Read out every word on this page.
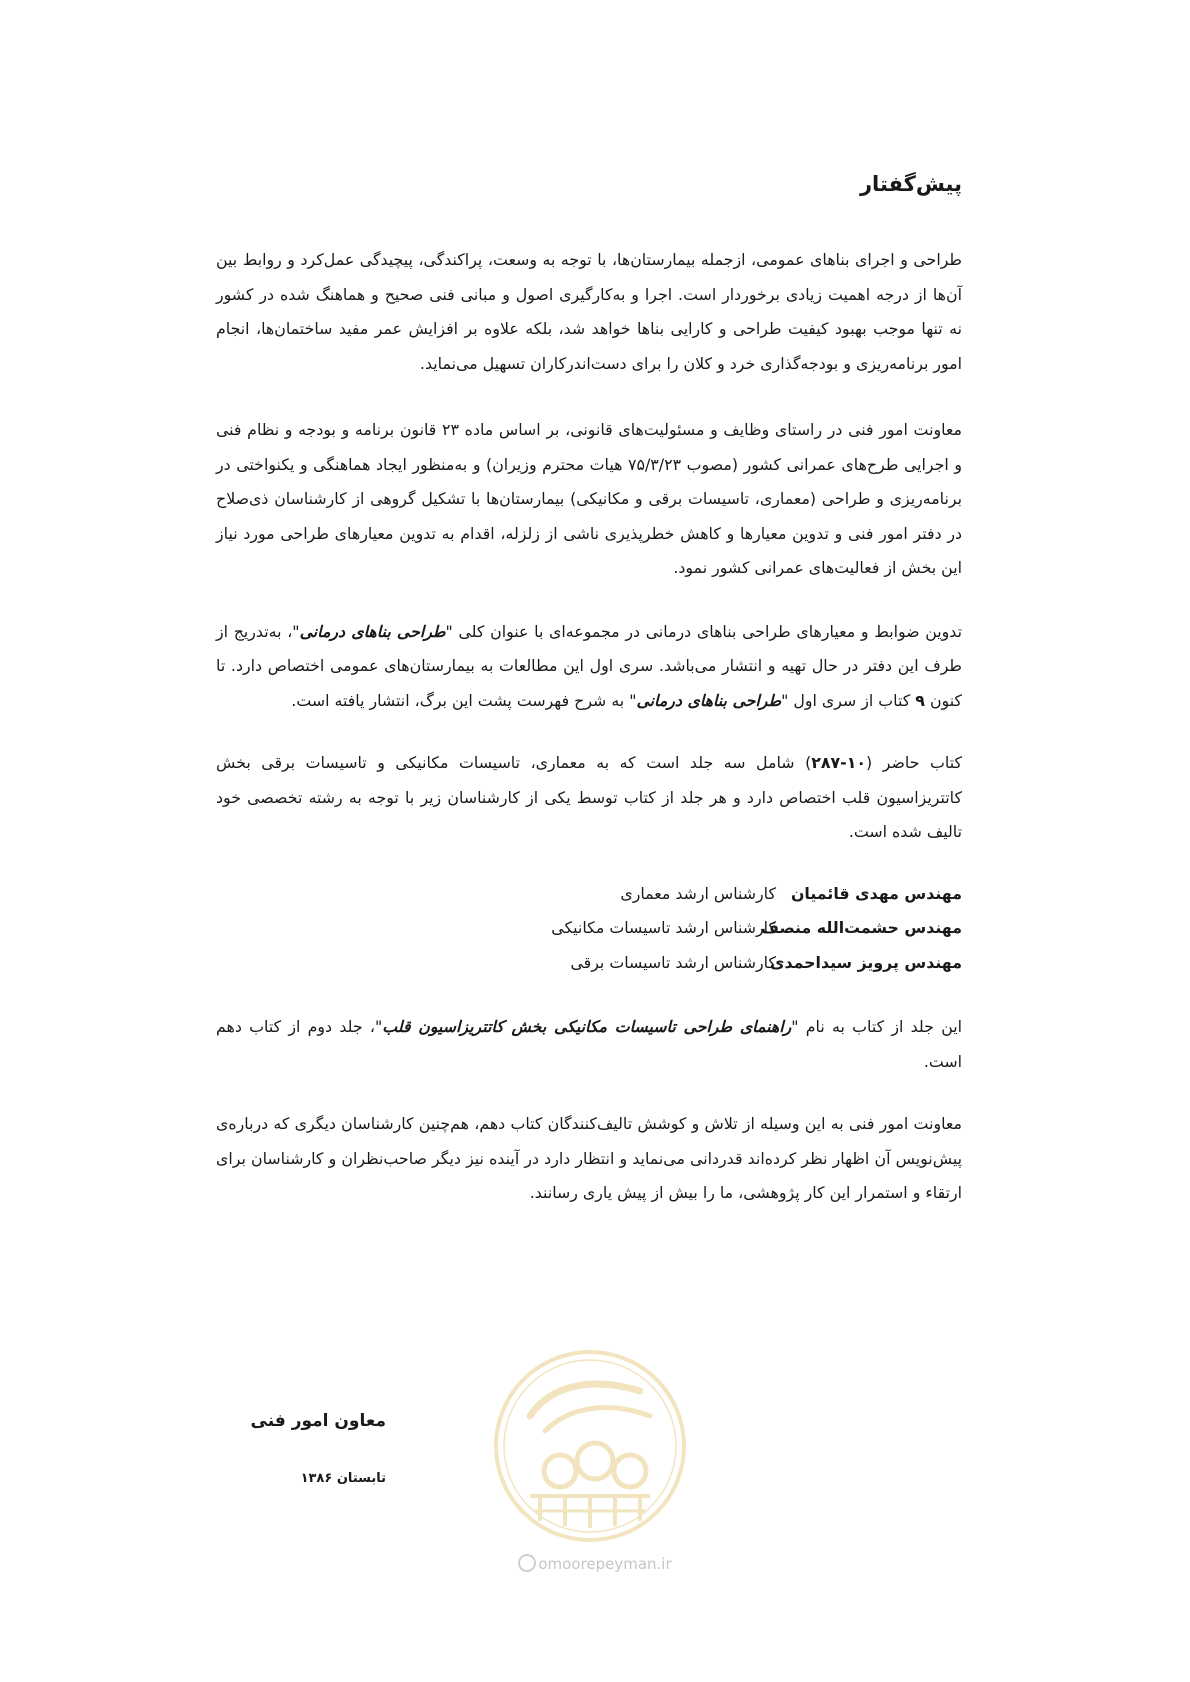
پیش‌گفتار

طراحی و اجرای بناهای عمومی، ازجمله بیمارستان‌ها، با توجه به وسعت، پراکندگی، پیچیدگی عمل‌کرد و روابط بین آن‌ها از درجه اهمیت زیادی برخوردار است. اجرا و به‌کارگیری اصول و مبانی فنی صحیح و هماهنگ شده در کشور نه تنها موجب بهبود کیفیت طراحی و کارایی بناها خواهد شد، بلکه علاوه بر افزایش عمر مفید ساختمان‌ها، انجام امور برنامه‌ریزی و بودجه‌گذاری خرد و کلان را برای دست‌اندرکاران تسهیل می‌نماید.

معاونت امور فنی در راستای وظایف و مسئولیت‌های قانونی، بر اساس ماده ۲۳ قانون برنامه و بودجه و نظام فنی و اجرایی طرح‌های عمرانی کشور (مصوب ۷۵/۳/۲۳ هیات محترم وزیران) و به‌منظور ایجاد هماهنگی و یکنواختی در برنامه‌ریزی و طراحی (معماری، تاسیسات برقی و مکانیکی) بیمارستان‌ها با تشکیل گروهی از کارشناسان ذی‌صلاح در دفتر امور فنی و تدوین معیارها و کاهش خطرپذیری ناشی از زلزله، اقدام به تدوین معیارهای طراحی مورد نیاز این بخش از فعالیت‌های عمرانی کشور نمود.

تدوین ضوابط و معیارهای طراحی بناهای درمانی در مجموعه‌ای با عنوان کلی "طراحی بناهای درمانی"، به‌تدریج از طرف این دفتر در حال تهیه و انتشار می‌باشد. سری اول این مطالعات به بیمارستان‌های عمومی اختصاص دارد. تا کنون ۹ کتاب از سری اول "طراحی بناهای درمانی" به شرح فهرست پشت این برگ، انتشار یافته است.

کتاب حاضر (۱۰-۲۸۷) شامل سه جلد است که به معماری، تاسیسات مکانیکی و تاسیسات برقی بخش کاتتریزاسیون قلب اختصاص دارد و هر جلد از کتاب توسط یکی از کارشناسان زیر با توجه به رشته تخصصی خود تالیف شده است.

مهندس مهدی قائمیان
کارشناس ارشد معماری
مهندس حشمت‌الله منصف
کارشناس ارشد تاسیسات مکانیکی
مهندس پرویز سیداحمدی
کارشناس ارشد تاسیسات برقی

این جلد از کتاب به نام "راهنمای طراحی تاسیسات مکانیکی بخش کاتتریزاسیون قلب"، جلد دوم از کتاب دهم است.

معاونت امور فنی به این وسیله از تلاش و کوشش تالیف‌کنندگان کتاب دهم، هم‌چنین کارشناسان دیگری که درباره‌ی پیش‌نویس آن اظهار نظر کرده‌اند قدردانی می‌نماید و انتظار دارد در آینده نیز دیگر صاحب‌نظران و کارشناسان برای ارتقاء و استمرار این کار پژوهشی، ما را بیش از پیش یاری رسانند.

omoorepeyman.ir
معاون امور فنی
تابستان ۱۳۸۶
